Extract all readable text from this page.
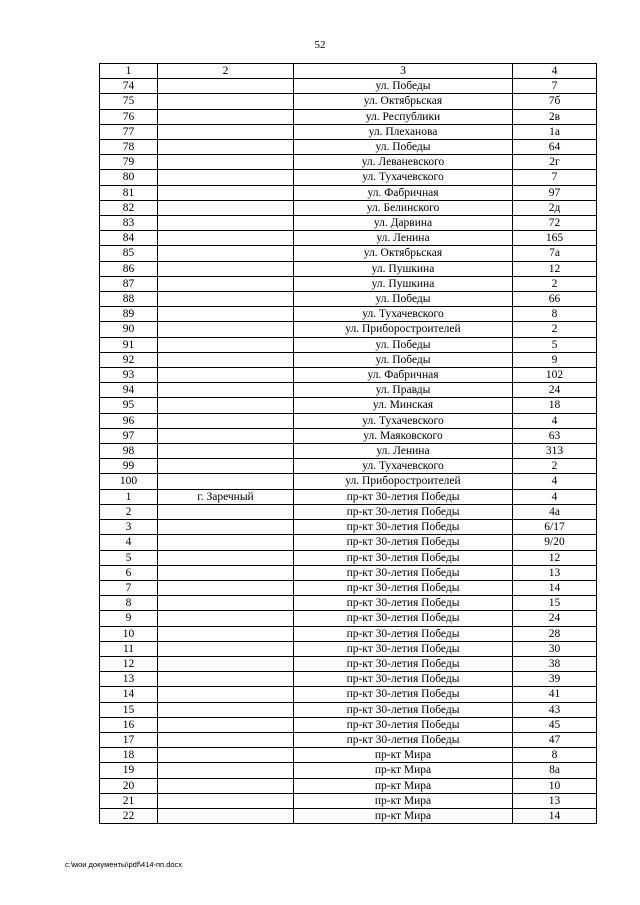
52
1	2	3	4
74		ул. Победы	7
75		ул. Октябрьская	7б
76		ул. Республики	2в
77		ул. Плеханова	1а
78		ул. Победы	64
79		ул. Леваневского	2г
80		ул. Тухачевского	7
81		ул. Фабричная	97
82		ул. Белинского	2д
83		ул. Дарвина	72
84		ул. Ленина	165
85		ул. Октябрьская	7а
86		ул. Пушкина	12
87		ул. Пушкина	2
88		ул. Победы	66
89		ул. Тухачевского	8
90		ул. Приборостроителей	2
91		ул. Победы	5
92		ул. Победы	9
93		ул. Фабричная	102
94		ул. Правды	24
95		ул. Минская	18
96		ул. Тухачевского	4
97		ул. Маяковского	63
98		ул. Ленина	313
99		ул. Тухачевского	2
100		ул. Приборостроителей	4
1	г. Заречный	пр-кт 30-летия Победы	4
2		пр-кт 30-летия Победы	4а
3		пр-кт 30-летия Победы	6/17
4		пр-кт 30-летия Победы	9/20
5		пр-кт 30-летия Победы	12
6		пр-кт 30-летия Победы	13
7		пр-кт 30-летия Победы	14
8		пр-кт 30-летия Победы	15
9		пр-кт 30-летия Победы	24
10		пр-кт 30-летия Победы	28
11		пр-кт 30-летия Победы	30
12		пр-кт 30-летия Победы	38
13		пр-кт 30-летия Победы	39
14		пр-кт 30-летия Победы	41
15		пр-кт 30-летия Победы	43
16		пр-кт 30-летия Победы	45
17		пр-кт 30-летия Победы	47
18		пр-кт Мира	8
19		пр-кт Мира	8а
20		пр-кт Мира	10
21		пр-кт Мира	13
22		пр-кт Мира	14
c:\мои документы\pdf\414-пп.docx
